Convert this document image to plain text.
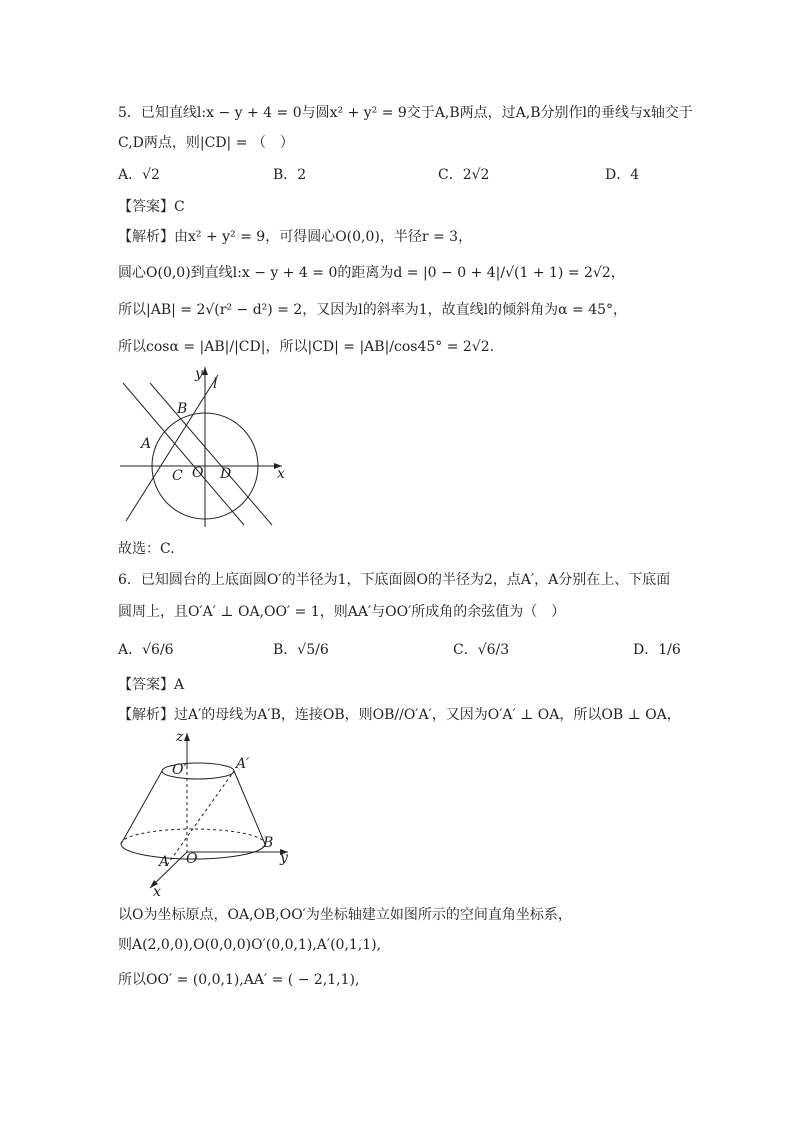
5．已知直线l:x − y + 4 = 0与圆x² + y² = 9交于A,B两点，过A,B分别作l的垂线与x轴交于
C,D两点，则|CD| = （　）
A．√2	B．2	C．2√2	D．4
【答案】C
【解析】由x² + y² = 9，可得圆心O(0,0)，半径r = 3，
圆心O(0,0)到直线l:x − y + 4 = 0的距离为d = |0 − 0 + 4|/√(1 + 1) = 2√2，
所以|AB| = 2√(r² − d²) = 2，又因为l的斜率为1，故直线l的倾斜角为α = 45°，
所以cosα = |AB|/|CD|，所以|CD| = |AB|/cos45° = 2√2.
y
l
B
A
C O D	x
故选：C.
6．已知圆台的上底面圆O′的半径为1，下底面圆O的半径为2，点A′，A分别在上、下底面
圆周上，且O′A′ ⊥ OA,OO′ = 1，则AA′与OO′所成角的余弦值为（　）
A．√6/6	B．√5/6	C．√6/3	D．1/6
【答案】A
【解析】过A′的母线为A′B，连接OB，则OB//O′A′，又因为O′A′ ⊥ OA，所以OB ⊥ OA，
z
O′	A′
B
A O	y
x
以O为坐标原点，OA,OB,OO′为坐标轴建立如图所示的空间直角坐标系，
则A(2,0,0),O(0,0,0)O′(0,0,1),A′(0,1,1),
所以OO′ = (0,0,1),AA′ = ( − 2,1,1),
